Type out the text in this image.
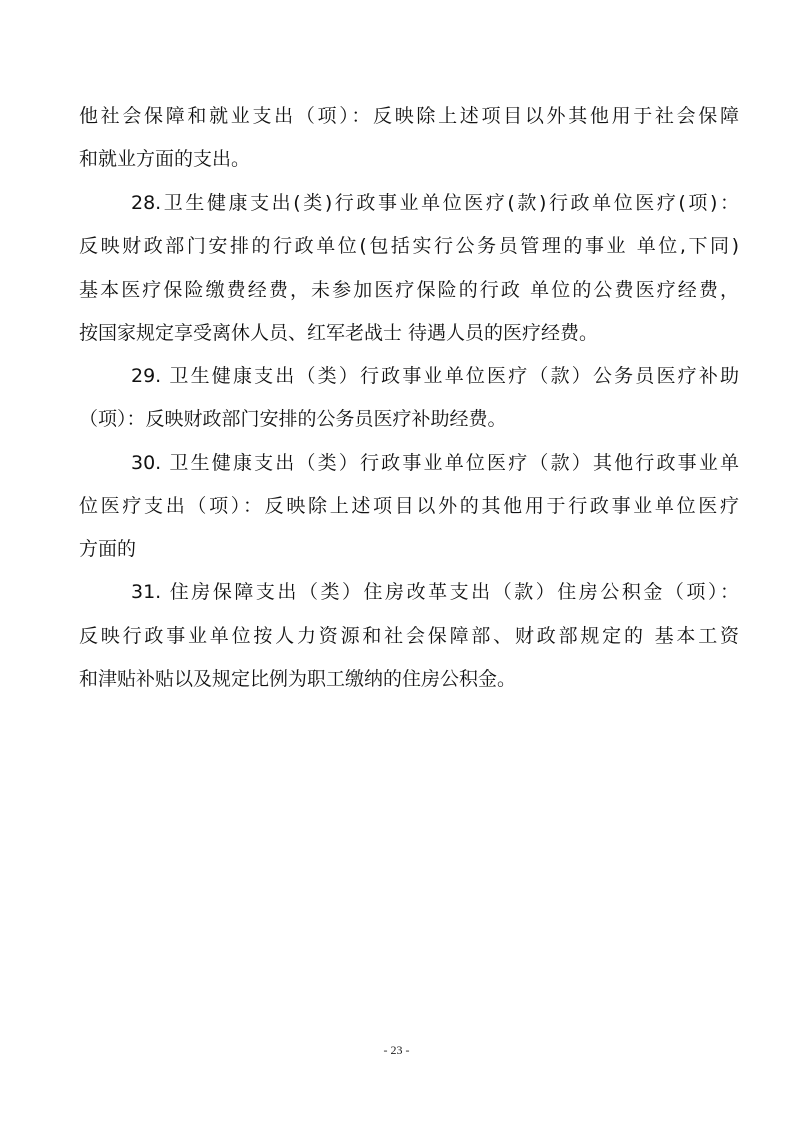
他社会保障和就业支出（项）：反映除上述项目以外其他用于社会保障
和就业方面的支出。
28.卫生健康支出(类)行政事业单位医疗(款)行政单位医疗(项)：
反映财政部门安排的行政单位(包括实行公务员管理的事业 单位,下同)
基本医疗保险缴费经费，未参加医疗保险的行政 单位的公费医疗经费，
按国家规定享受离休人员、红军老战士 待遇人员的医疗经费。
29. 卫生健康支出（类）行政事业单位医疗（款）公务员医疗补助
（项）：反映财政部门安排的公务员医疗补助经费。
30. 卫生健康支出（类）行政事业单位医疗（款）其他行政事业单
位医疗支出（项）：反映除上述项目以外的其他用于行政事业单位医疗
方面的
31. 住房保障支出（类）住房改革支出（款）住房公积金（项）：
反映行政事业单位按人力资源和社会保障部、财政部规定的 基本工资
和津贴补贴以及规定比例为职工缴纳的住房公积金。
- 23 -
